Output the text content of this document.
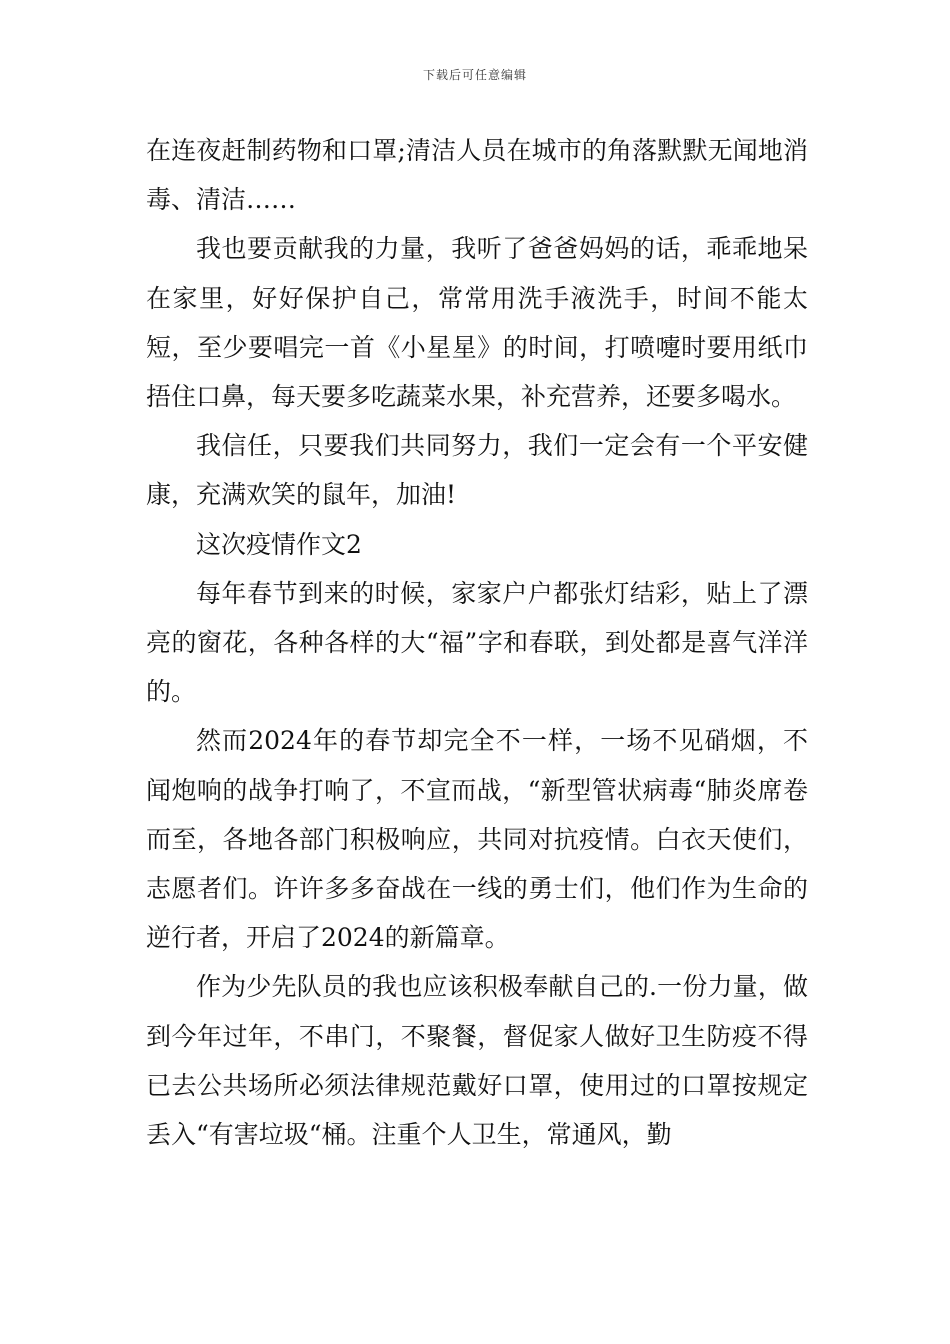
下载后可任意编辑

在连夜赶制药物和口罩;清洁人员在城市的角落默默无闻地消毒、清洁……

我也要贡献我的力量，我听了爸爸妈妈的话，乖乖地呆在家里，好好保护自己，常常用洗手液洗手，时间不能太短，至少要唱完一首《小星星》的时间，打喷嚏时要用纸巾捂住口鼻，每天要多吃蔬菜水果，补充营养，还要多喝水。

我信任，只要我们共同努力，我们一定会有一个平安健康，充满欢笑的鼠年，加油!

这次疫情作文2

每年春节到来的时候，家家户户都张灯结彩，贴上了漂亮的窗花，各种各样的大“福”字和春联，到处都是喜气洋洋的。

然而2024年的春节却完全不一样，一场不见硝烟，不闻炮响的战争打响了，不宣而战，“新型管状病毒“肺炎席卷而至，各地各部门积极响应，共同对抗疫情。白衣天使们，志愿者们。许许多多奋战在一线的勇士们，他们作为生命的逆行者，开启了2024的新篇章。

作为少先队员的我也应该积极奉献自己的.一份力量，做到今年过年，不串门，不聚餐，督促家人做好卫生防疫不得已去公共场所必须法律规范戴好口罩，使用过的口罩按规定丢入“有害垃圾“桶。注重个人卫生，常通风，勤
